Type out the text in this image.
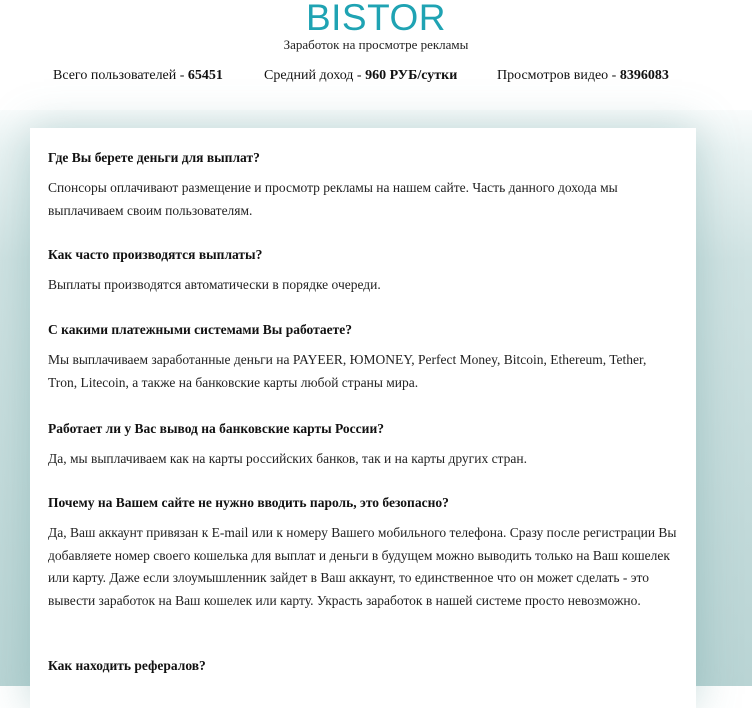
BISTOR
Заработок на просмотре рекламы
Всего пользователей - 65451	Средний доход - 960 РУБ/сутки	Просмотров видео - 8396083

Где Вы берете деньги для выплат?

Спонсоры оплачивают размещение и просмотр рекламы на нашем сайте. Часть данного дохода мы выплачиваем своим пользователям.

Как часто производятся выплаты?

Выплаты производятся автоматически в порядке очереди.

С какими платежными системами Вы работаете?

Мы выплачиваем заработанные деньги на PAYEER, ЮMONEY, Perfect Money, Bitcoin, Ethereum, Tether, Tron, Litecoin, а также на банковские карты любой страны мира.

Работает ли у Вас вывод на банковские карты России?

Да, мы выплачиваем как на карты российских банков, так и на карты других стран.

Почему на Вашем сайте не нужно вводить пароль, это безопасно?

Да, Ваш аккаунт привязан к E-mail или к номеру Вашего мобильного телефона. Сразу после регистрации Вы добавляете номер своего кошелька для выплат и деньги в будущем можно выводить только на Ваш кошелек или карту. Даже если злоумышленник зайдет в Ваш аккаунт, то единственное что он может сделать - это вывести заработок на Ваш кошелек или карту. Украсть заработок в нашей системе просто невозможно.

Как находить рефералов?
